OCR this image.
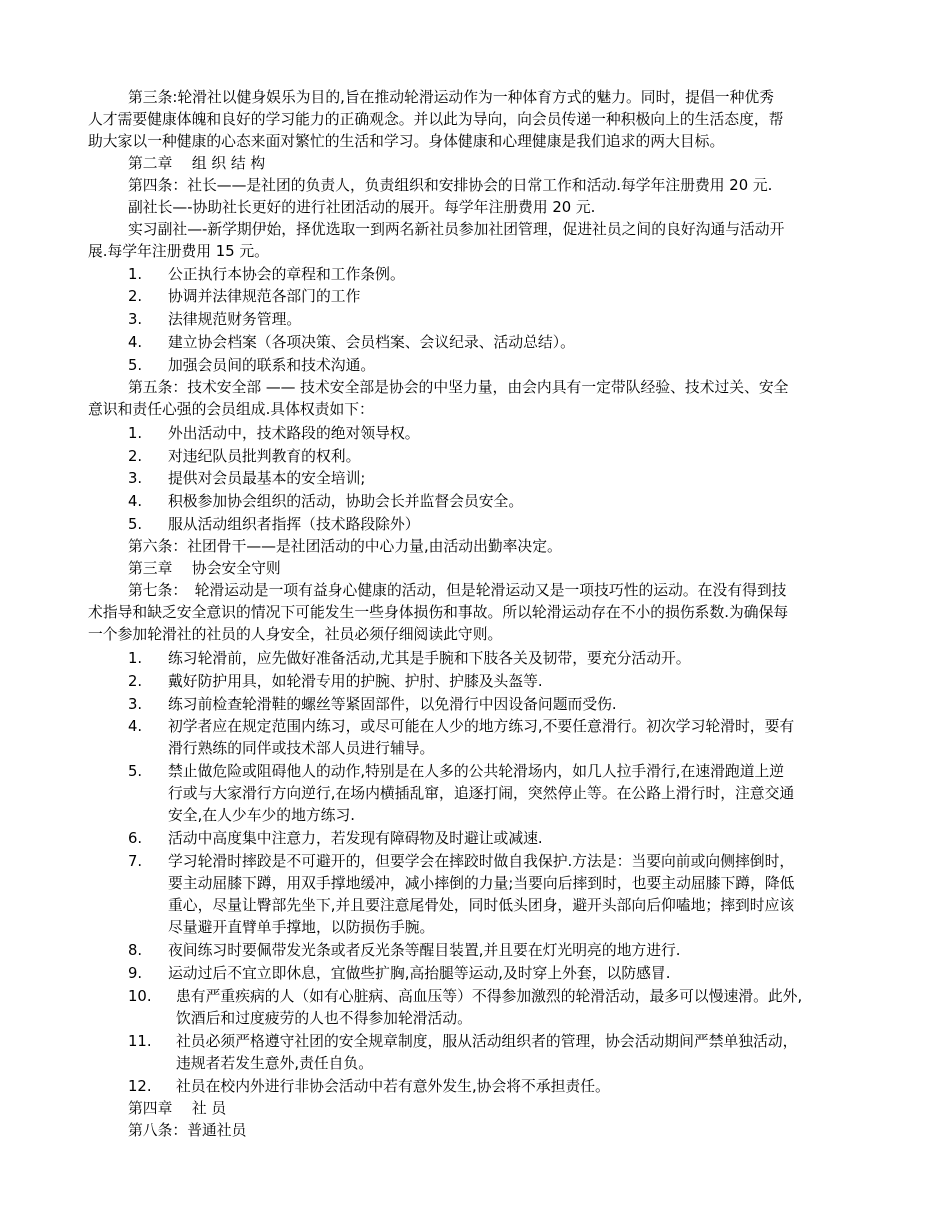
第三条:轮滑社以健身娱乐为目的,旨在推动轮滑运动作为一种体育方式的魅力。同时，提倡一种优秀
人才需要健康体魄和良好的学习能力的正确观念。并以此为导向，向会员传递一种积极向上的生活态度，帮
助大家以一种健康的心态来面对繁忙的生活和学习。身体健康和心理健康是我们追求的两大目标。
第二章　 组 织 结 构
第四条：社长——是社团的负责人，负责组织和安排协会的日常工作和活动.每学年注册费用 20 元.
副社长—-协助社长更好的进行社团活动的展开。每学年注册费用 20 元.
实习副社—-新学期伊始，择优选取一到两名新社员参加社团管理，促进社员之间的良好沟通与活动开
展.每学年注册费用 15 元。
1. 公正执行本协会的章程和工作条例。
2. 协调并法律规范各部门的工作
3. 法律规范财务管理。
4. 建立协会档案（各项决策、会员档案、会议纪录、活动总结）。
5. 加强会员间的联系和技术沟通。
第五条：技术安全部 —— 技术安全部是协会的中坚力量，由会内具有一定带队经验、技术过关、安全
意识和责任心强的会员组成.具体权责如下：
1. 外出活动中，技术路段的绝对领导权。
2. 对违纪队员批判教育的权利。
3. 提供对会员最基本的安全培训;
4. 积极参加协会组织的活动，协助会长并监督会员安全。
5. 服从活动组织者指挥（技术路段除外）
第六条：社团骨干——是社团活动的中心力量,由活动出勤率决定。
第三章　 协会安全守则
第七条：　轮滑运动是一项有益身心健康的活动，但是轮滑运动又是一项技巧性的运动。在没有得到技
术指导和缺乏安全意识的情况下可能发生一些身体损伤和事故。所以轮滑运动存在不小的损伤系数.为确保每
一个参加轮滑社的社员的人身安全，社员必须仔细阅读此守则。
1. 练习轮滑前，应先做好准备活动,尤其是手腕和下肢各关及韧带，要充分活动开。
2. 戴好防护用具，如轮滑专用的护腕、护肘、护膝及头盔等.
3. 练习前检查轮滑鞋的螺丝等紧固部件，以免滑行中因设备问题而受伤.
4. 初学者应在规定范围内练习，或尽可能在人少的地方练习,不要任意滑行。初次学习轮滑时，要有
滑行熟练的同伴或技术部人员进行辅导。
5. 禁止做危险或阻碍他人的动作,特别是在人多的公共轮滑场内，如几人拉手滑行,在速滑跑道上逆
行或与大家滑行方向逆行,在场内横插乱窜，追逐打闹，突然停止等。在公路上滑行时，注意交通
安全,在人少车少的地方练习.
6. 活动中高度集中注意力，若发现有障碍物及时避让或减速.
7. 学习轮滑时摔跤是不可避开的，但要学会在摔跤时做自我保护.方法是：当要向前或向侧摔倒时，
要主动屈膝下蹲，用双手撑地缓冲，减小摔倒的力量;当要向后摔到时，也要主动屈膝下蹲，降低
重心，尽量让臀部先坐下,并且要注意尾骨处，同时低头团身，避开头部向后仰嗑地；摔到时应该
尽量避开直臂单手撑地，以防损伤手腕。
8. 夜间练习时要佩带发光条或者反光条等醒目装置,并且要在灯光明亮的地方进行.
9. 运动过后不宜立即休息，宜做些扩胸,高抬腿等运动,及时穿上外套，以防感冒.
10. 患有严重疾病的人（如有心脏病、高血压等）不得参加激烈的轮滑活动，最多可以慢速滑。此外,
饮酒后和过度疲劳的人也不得参加轮滑活动。
11. 社员必须严格遵守社团的安全规章制度，服从活动组织者的管理，协会活动期间严禁单独活动，
违规者若发生意外,责任自负。
12. 社员在校内外进行非协会活动中若有意外发生,协会将不承担责任。
第四章　 社 员
第八条：普通社员
